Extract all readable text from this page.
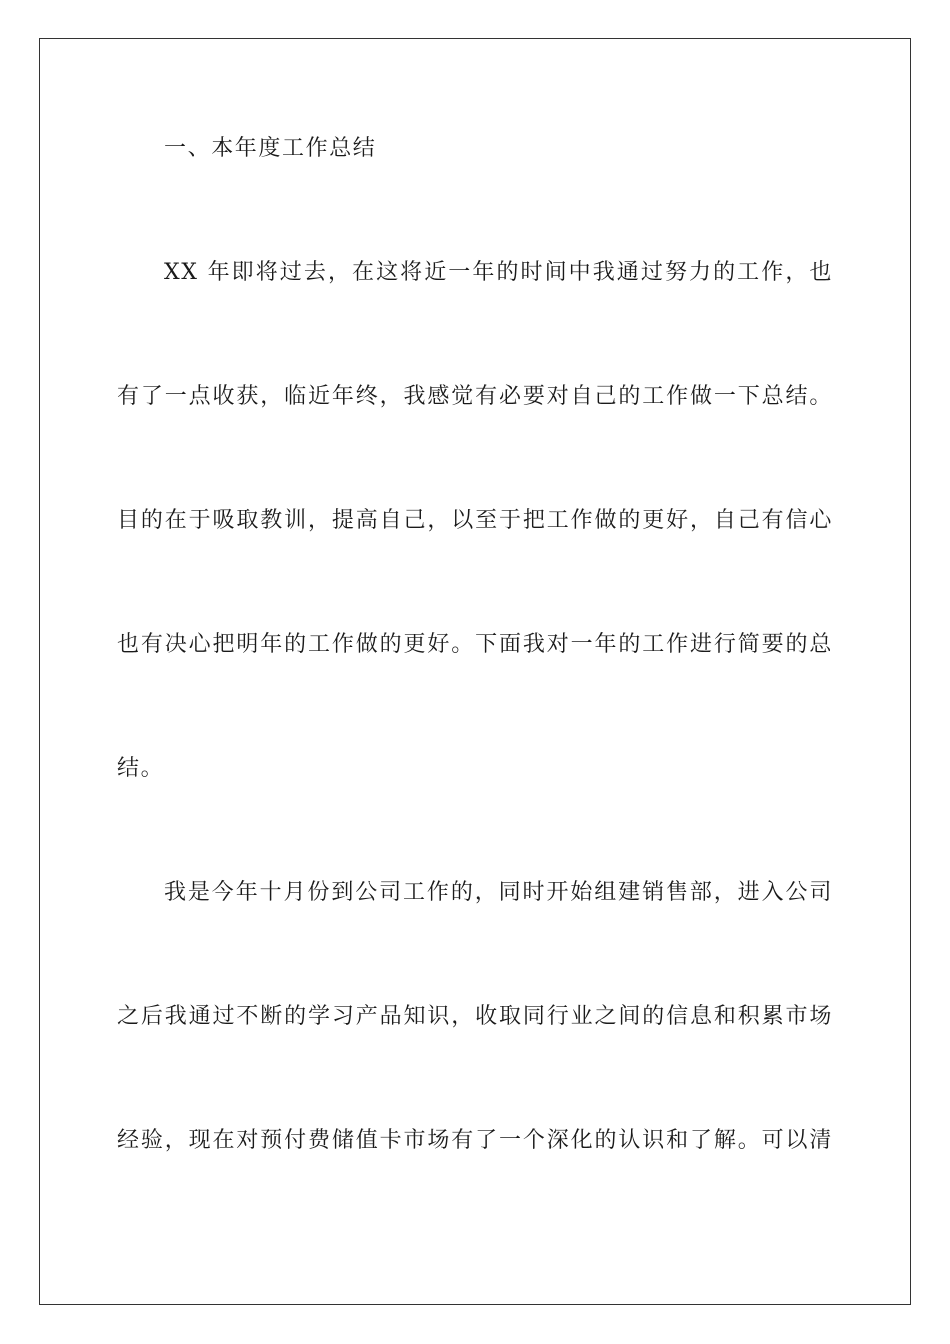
一、本年度工作总结
XX 年即将过去，在这将近一年的时间中我通过努力的工作，也
有了一点收获，临近年终，我感觉有必要对自己的工作做一下总结。
目的在于吸取教训，提高自己，以至于把工作做的更好，自己有信心
也有决心把明年的工作做的更好。下面我对一年的工作进行简要的总
结。
我是今年十月份到公司工作的，同时开始组建销售部，进入公司
之后我通过不断的学习产品知识，收取同行业之间的信息和积累市场
经验，现在对预付费储值卡市场有了一个深化的认识和了解。可以清
